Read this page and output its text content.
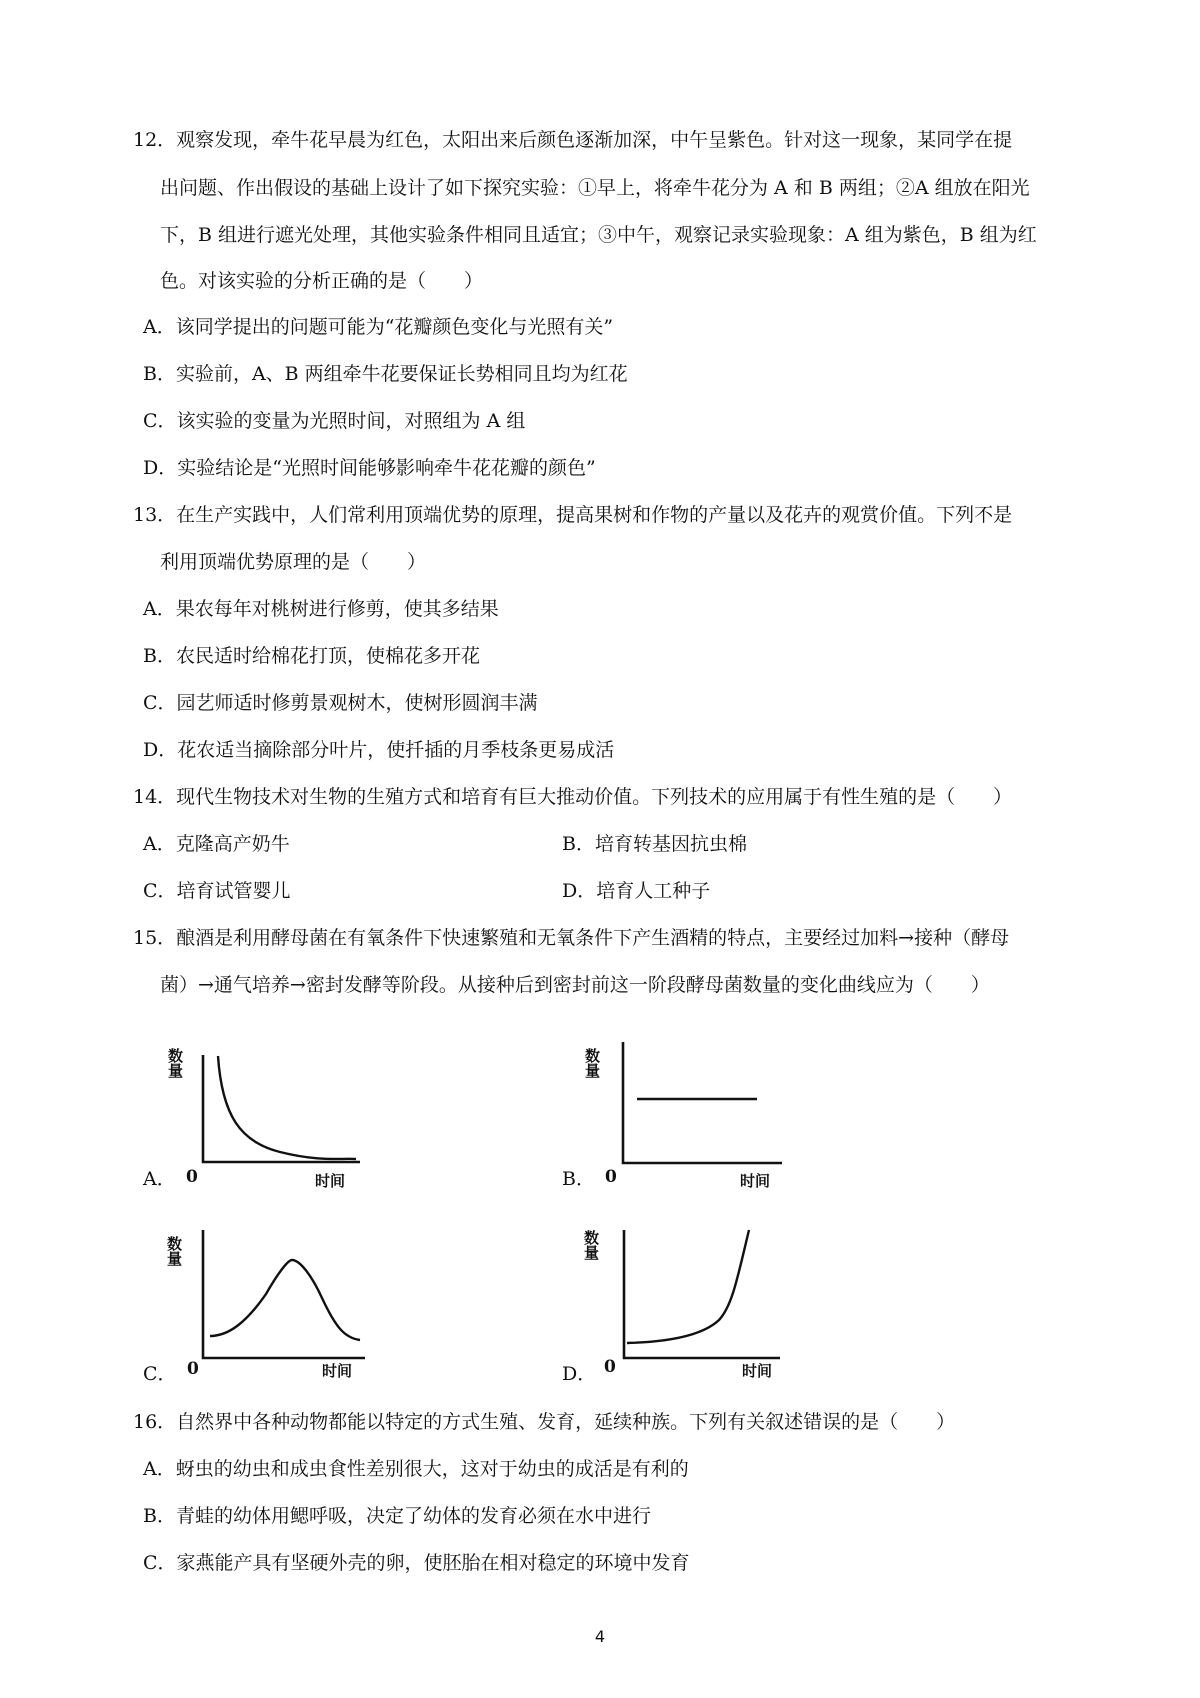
12．观察发现，牵牛花早晨为红色，太阳出来后颜色逐渐加深，中午呈紫色。针对这一现象，某同学在提
出问题、作出假设的基础上设计了如下探究实验：①早上，将牵牛花分为 A 和 B 两组；②A 组放在阳光
下，B 组进行遮光处理，其他实验条件相同且适宜；③中午，观察记录实验现象：A 组为紫色，B 组为红
色。对该实验的分析正确的是（　　）
A．该同学提出的问题可能为“花瓣颜色变化与光照有关”
B．实验前，A、B 两组牵牛花要保证长势相同且均为红花
C．该实验的变量为光照时间，对照组为 A 组
D．实验结论是“光照时间能够影响牵牛花花瓣的颜色”
13．在生产实践中，人们常利用顶端优势的原理，提高果树和作物的产量以及花卉的观赏价值。下列不是
利用顶端优势原理的是（　　）
A．果农每年对桃树进行修剪，使其多结果
B．农民适时给棉花打顶，使棉花多开花
C．园艺师适时修剪景观树木，使树形圆润丰满
D．花农适当摘除部分叶片，使扦插的月季枝条更易成活
14．现代生物技术对生物的生殖方式和培育有巨大推动价值。下列技术的应用属于有性生殖的是（　　）
A．克隆高产奶牛	B．培育转基因抗虫棉
C．培育试管婴儿	D．培育人工种子
15．酿酒是利用酵母菌在有氧条件下快速繁殖和无氧条件下产生酒精的特点，主要经过加料→接种（酵母
菌）→通气培养→密封发酵等阶段。从接种后到密封前这一阶段酵母菌数量的变化曲线应为（　　）
A．
数量
0	时间	B．
数量
0	时间
C．
数量
0	时间	D．
数量
0	时间
16．自然界中各种动物都能以特定的方式生殖、发育，延续种族。下列有关叙述错误的是（　　）
A．蚜虫的幼虫和成虫食性差别很大，这对于幼虫的成活是有利的
B．青蛙的幼体用鳃呼吸，决定了幼体的发育必须在水中进行
C．家燕能产具有坚硬外壳的卵，使胚胎在相对稳定的环境中发育
4
